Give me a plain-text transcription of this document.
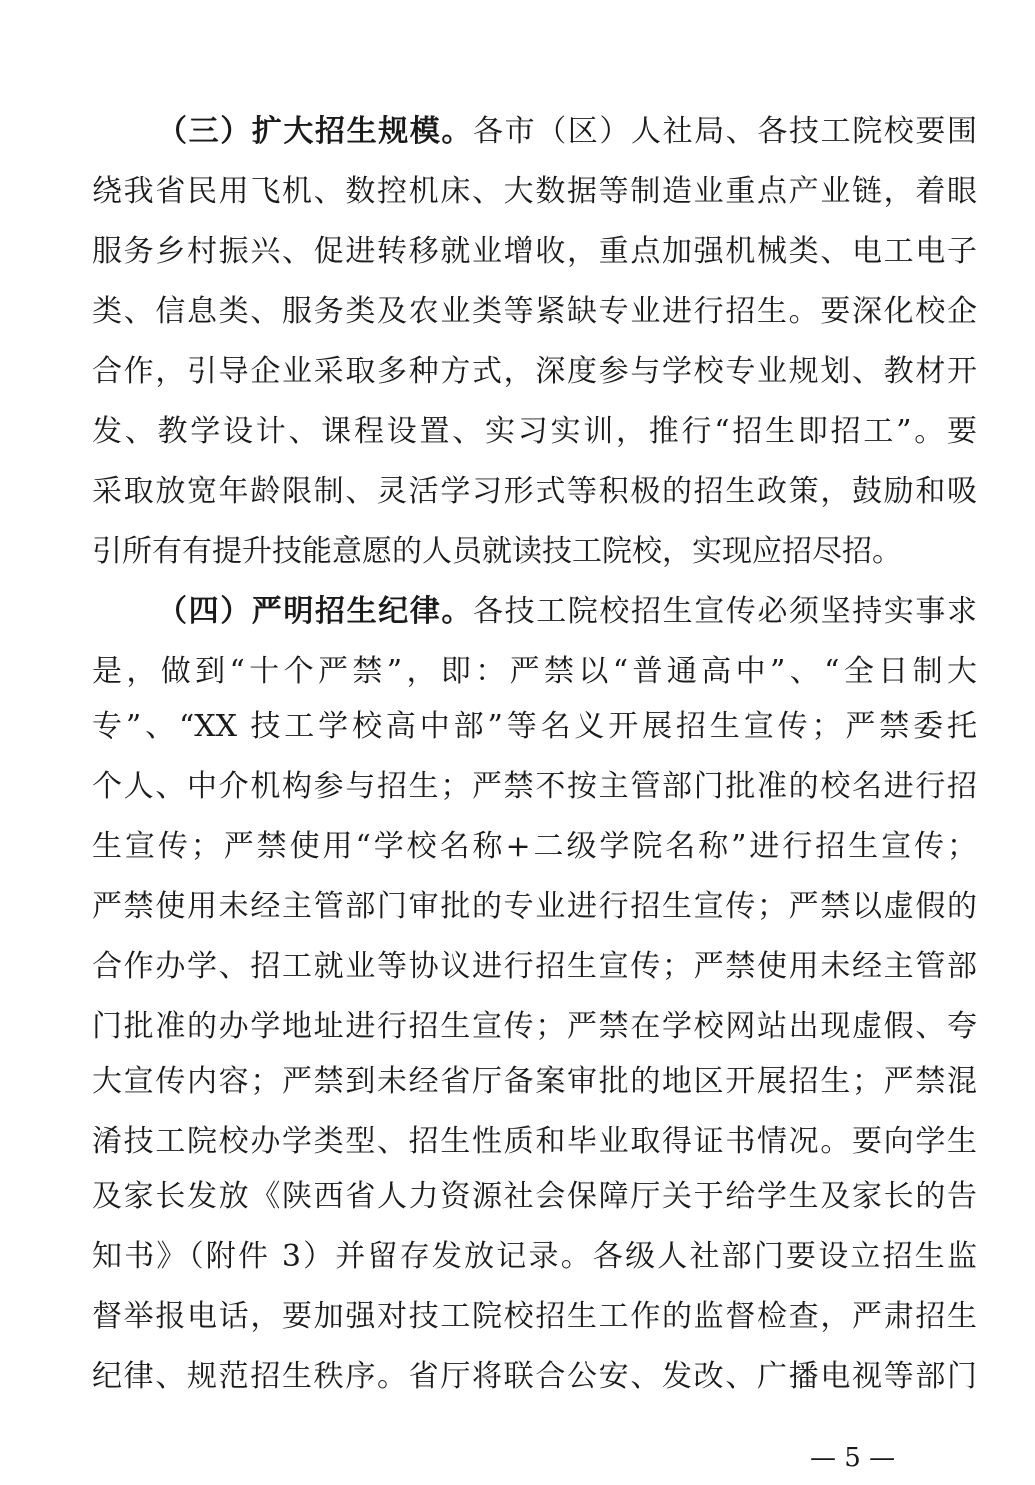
（三）扩大招生规模。各市（区）人社局、各技工院校要围
绕我省民用飞机、数控机床、大数据等制造业重点产业链，着眼
服务乡村振兴、促进转移就业增收，重点加强机械类、电工电子
类、信息类、服务类及农业类等紧缺专业进行招生。要深化校企
合作，引导企业采取多种方式，深度参与学校专业规划、教材开
发、教学设计、课程设置、实习实训，推行“招生即招工”。要
采取放宽年龄限制、灵活学习形式等积极的招生政策，鼓励和吸
引所有有提升技能意愿的人员就读技工院校，实现应招尽招。
（四）严明招生纪律。各技工院校招生宣传必须坚持实事求
是，做到“十个严禁”，即：严禁以“普通高中”、“全日制大
专”、“XX 技工学校高中部”等名义开展招生宣传；严禁委托
个人、中介机构参与招生；严禁不按主管部门批准的校名进行招
生宣传；严禁使用“学校名称+二级学院名称”进行招生宣传；
严禁使用未经主管部门审批的专业进行招生宣传；严禁以虚假的
合作办学、招工就业等协议进行招生宣传；严禁使用未经主管部
门批准的办学地址进行招生宣传；严禁在学校网站出现虚假、夸
大宣传内容；严禁到未经省厅备案审批的地区开展招生；严禁混
淆技工院校办学类型、招生性质和毕业取得证书情况。要向学生
及家长发放《陕西省人力资源社会保障厅关于给学生及家长的告
知书》（附件 3）并留存发放记录。各级人社部门要设立招生监
督举报电话，要加强对技工院校招生工作的监督检查，严肃招生
纪律、规范招生秩序。省厅将联合公安、发改、广播电视等部门
— 5 —
